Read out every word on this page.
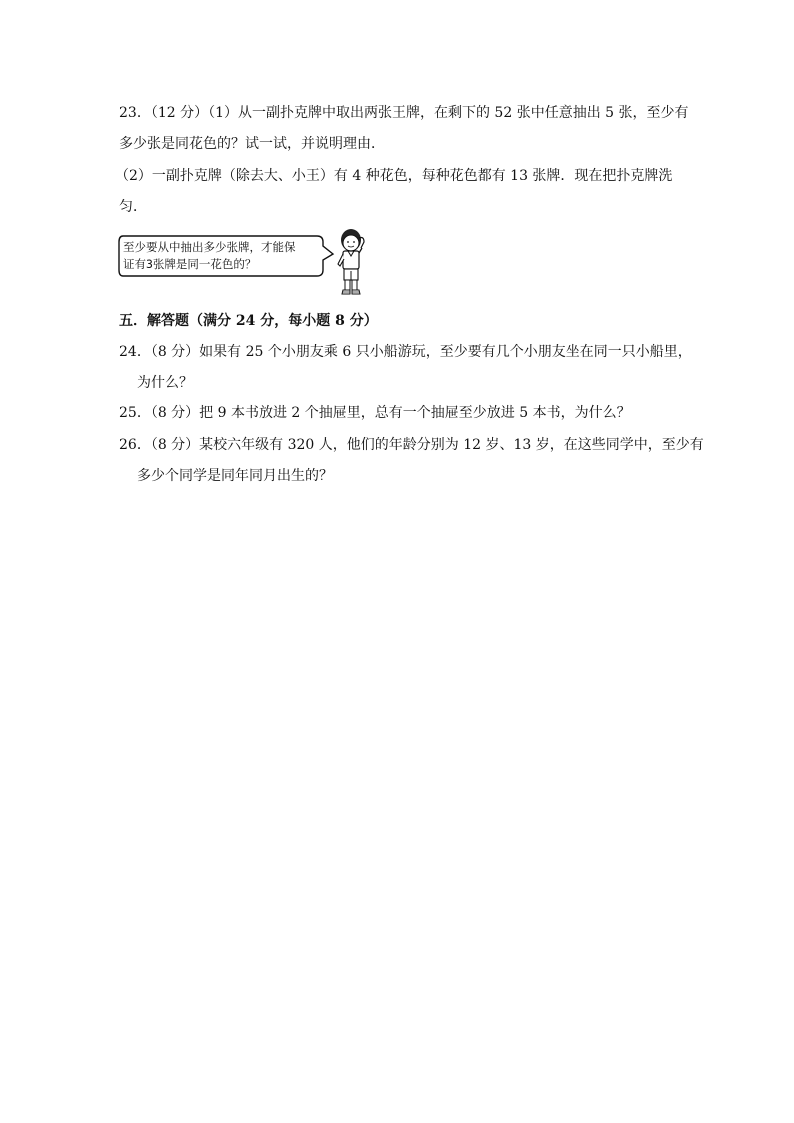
23．（12 分）（1）从一副扑克牌中取出两张王牌，在剩下的 52 张中任意抽出 5 张，至少有
多少张是同花色的？试一试，并说明理由．
（2）一副扑克牌（除去大、小王）有 4 种花色，每种花色都有 13 张牌．现在把扑克牌洗
匀．
至少要从中抽出多少张牌，才能保
证有3张牌是同一花色的？
五．解答题（满分 24 分，每小题 8 分）
24．（8 分）如果有 25 个小朋友乘 6 只小船游玩，至少要有几个小朋友坐在同一只小船里，
为什么？
25．（8 分）把 9 本书放进 2 个抽屉里，总有一个抽屉至少放进 5 本书，为什么？
26．（8 分）某校六年级有 320 人，他们的年龄分别为 12 岁、13 岁，在这些同学中，至少有
多少个同学是同年同月出生的？
